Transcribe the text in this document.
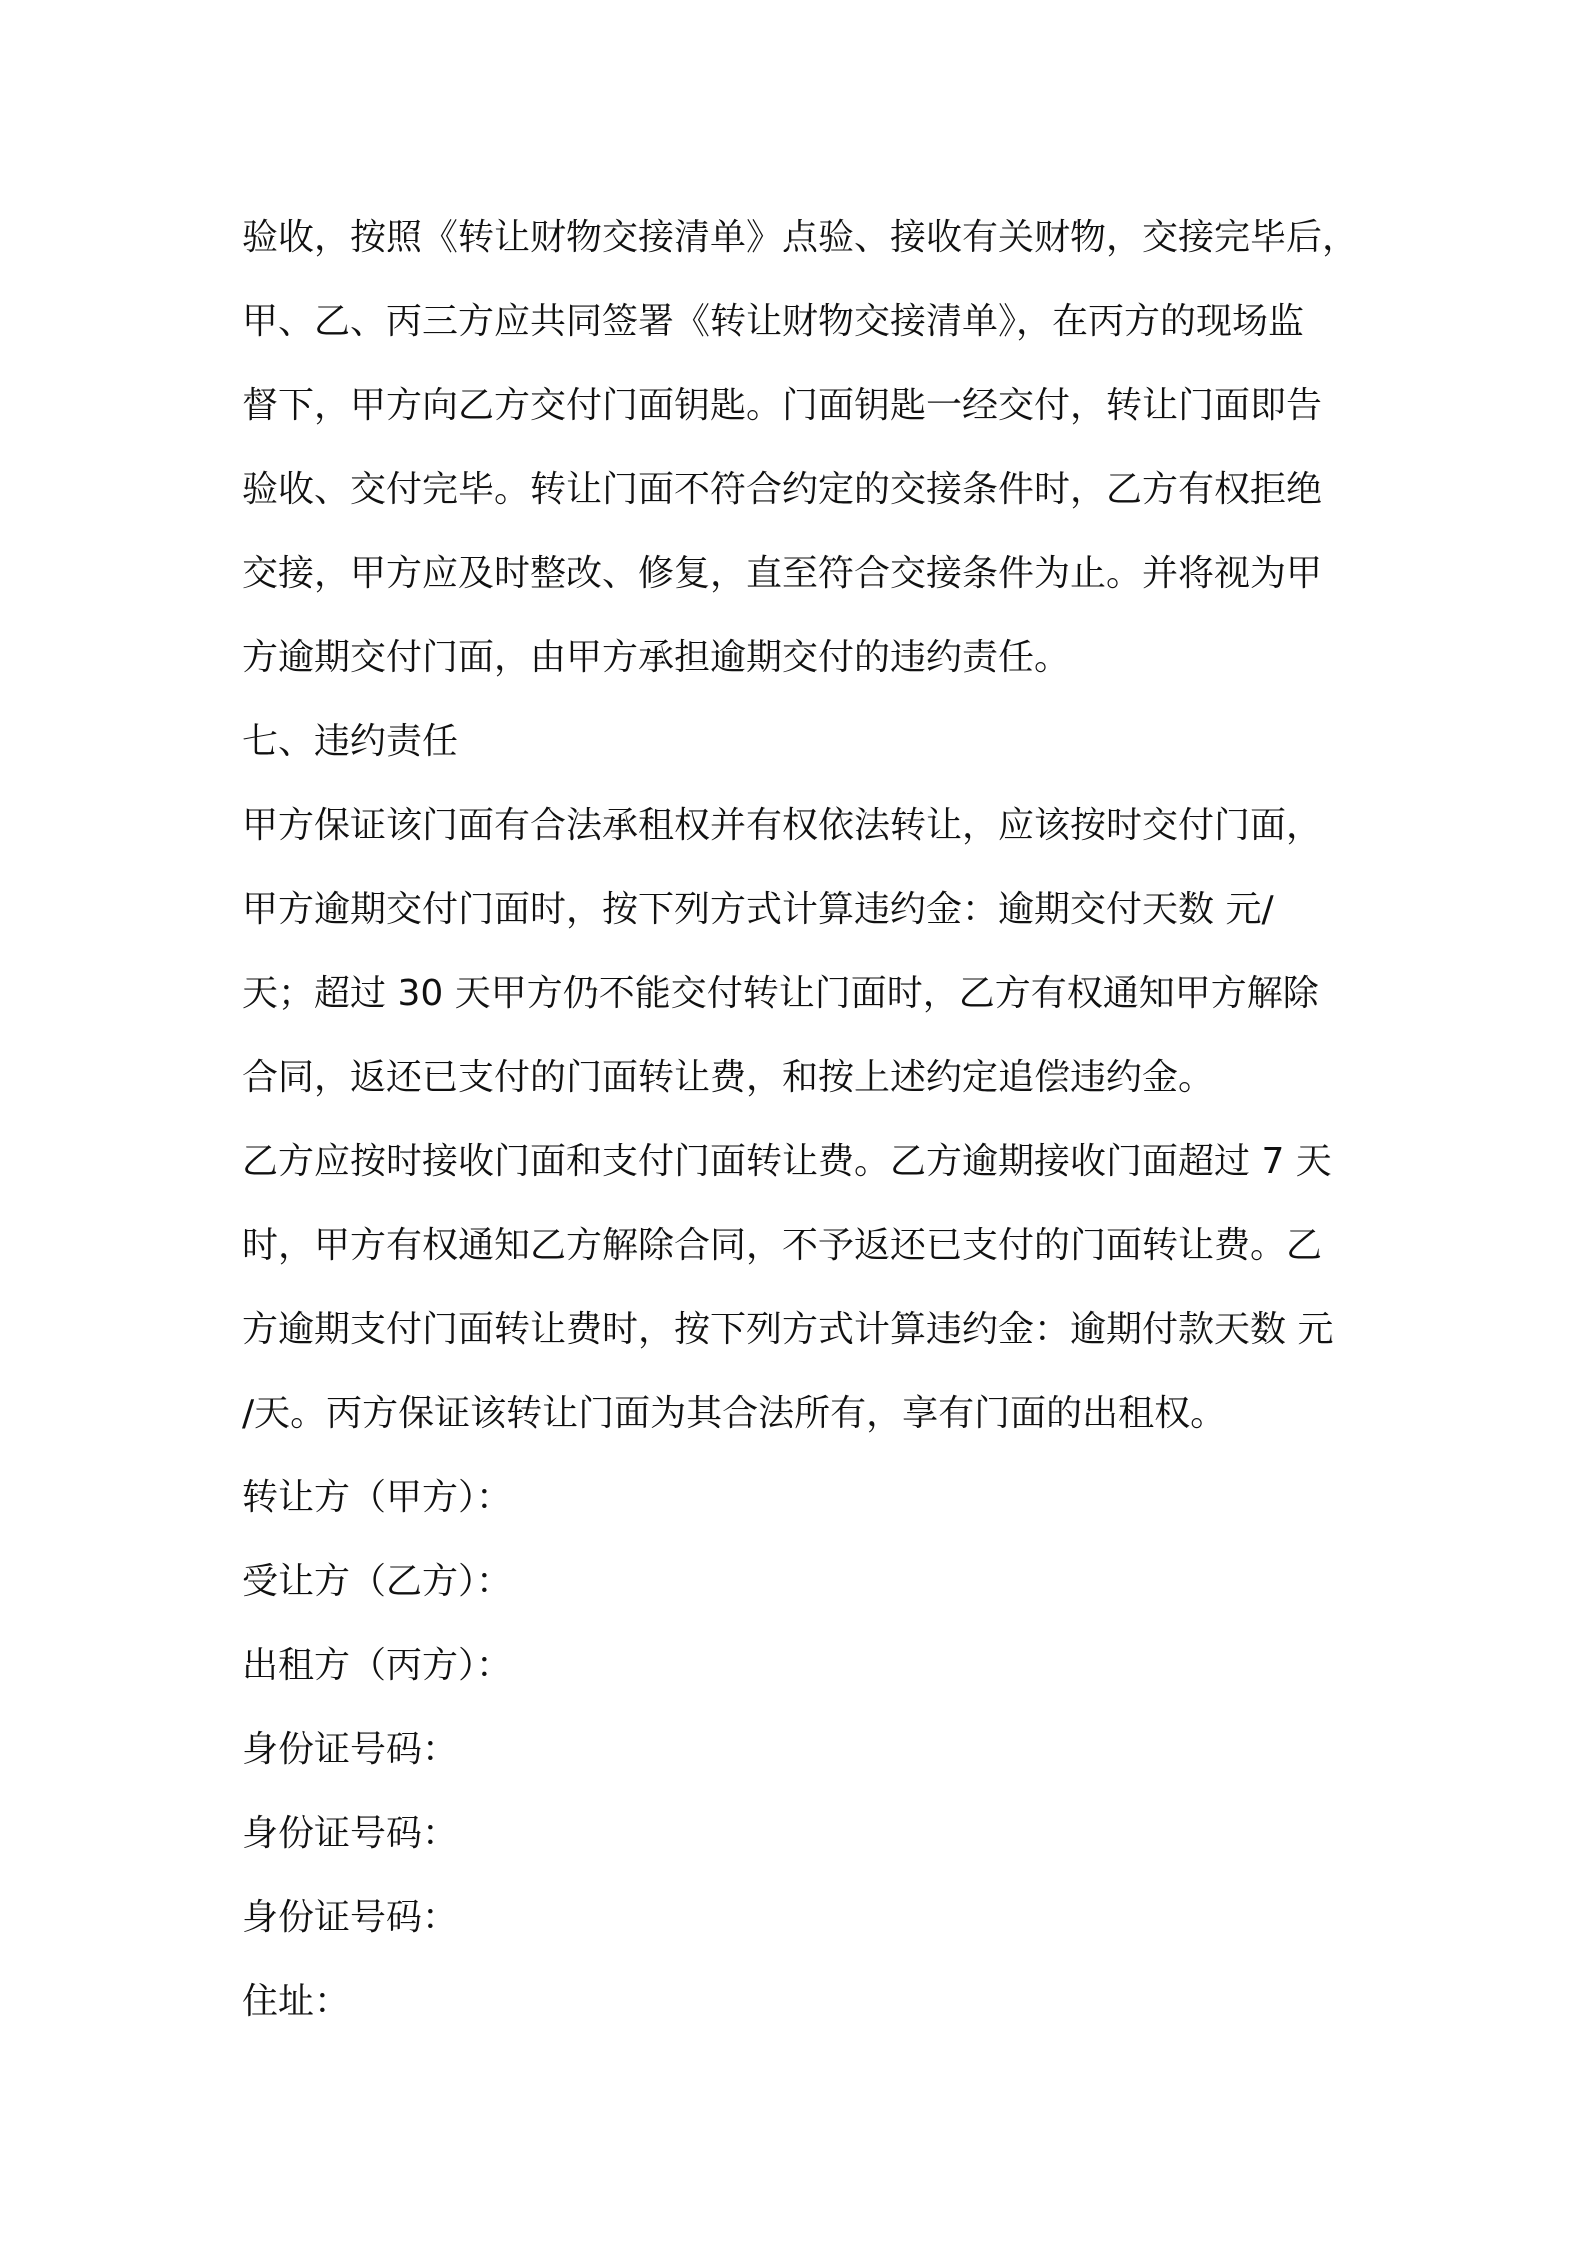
验收，按照《转让财物交接清单》点验、接收有关财物，交接完毕后，
甲、乙、丙三方应共同签署《转让财物交接清单》，在丙方的现场监
督下，甲方向乙方交付门面钥匙。门面钥匙一经交付，转让门面即告
验收、交付完毕。转让门面不符合约定的交接条件时，乙方有权拒绝
交接，甲方应及时整改、修复，直至符合交接条件为止。并将视为甲
方逾期交付门面，由甲方承担逾期交付的违约责任。
七、违约责任
甲方保证该门面有合法承租权并有权依法转让，应该按时交付门面，
甲方逾期交付门面时，按下列方式计算违约金：逾期交付天数 元/
天；超过 30 天甲方仍不能交付转让门面时，乙方有权通知甲方解除
合同，返还已支付的门面转让费，和按上述约定追偿违约金。
乙方应按时接收门面和支付门面转让费。乙方逾期接收门面超过 7 天
时，甲方有权通知乙方解除合同，不予返还已支付的门面转让费。乙
方逾期支付门面转让费时，按下列方式计算违约金：逾期付款天数 元
/天。丙方保证该转让门面为其合法所有，享有门面的出租权。
转让方（甲方）：
受让方（乙方）：
出租方（丙方）：
身份证号码：
身份证号码：
身份证号码：
住址：
